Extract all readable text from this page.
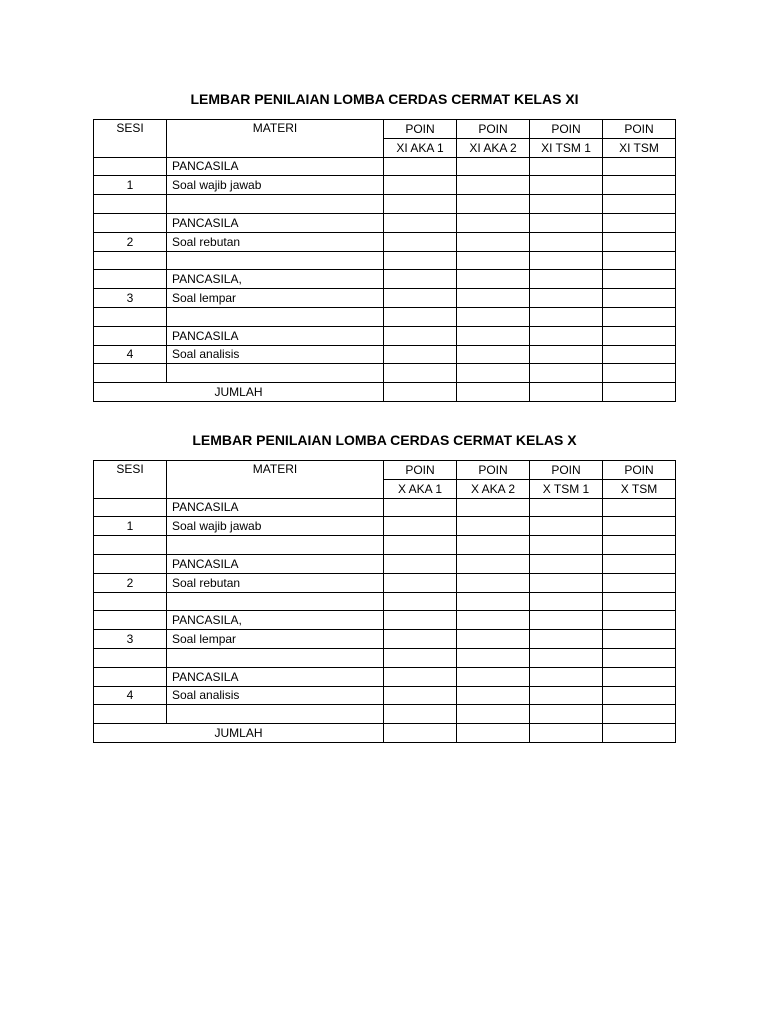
LEMBAR PENILAIAN LOMBA CERDAS CERMAT KELAS XI
SESI	MATERI	POIN	POIN	POIN	POIN
		XI AKA 1	XI AKA 2	XI TSM 1	XI TSM
	PANCASILA				
1	Soal wajib jawab				

	PANCASILA				
2	Soal rebutan				

	PANCASILA,				
3	Soal lempar				

	PANCASILA				
4	Soal analisis				

JUMLAH					
LEMBAR PENILAIAN LOMBA CERDAS CERMAT KELAS X
SESI	MATERI	POIN	POIN	POIN	POIN
		X AKA 1	X AKA 2	X TSM 1	X TSM
	PANCASILA				
1	Soal wajib jawab				

	PANCASILA				
2	Soal rebutan				

	PANCASILA,				
3	Soal lempar				

	PANCASILA				
4	Soal analisis				

JUMLAH					
